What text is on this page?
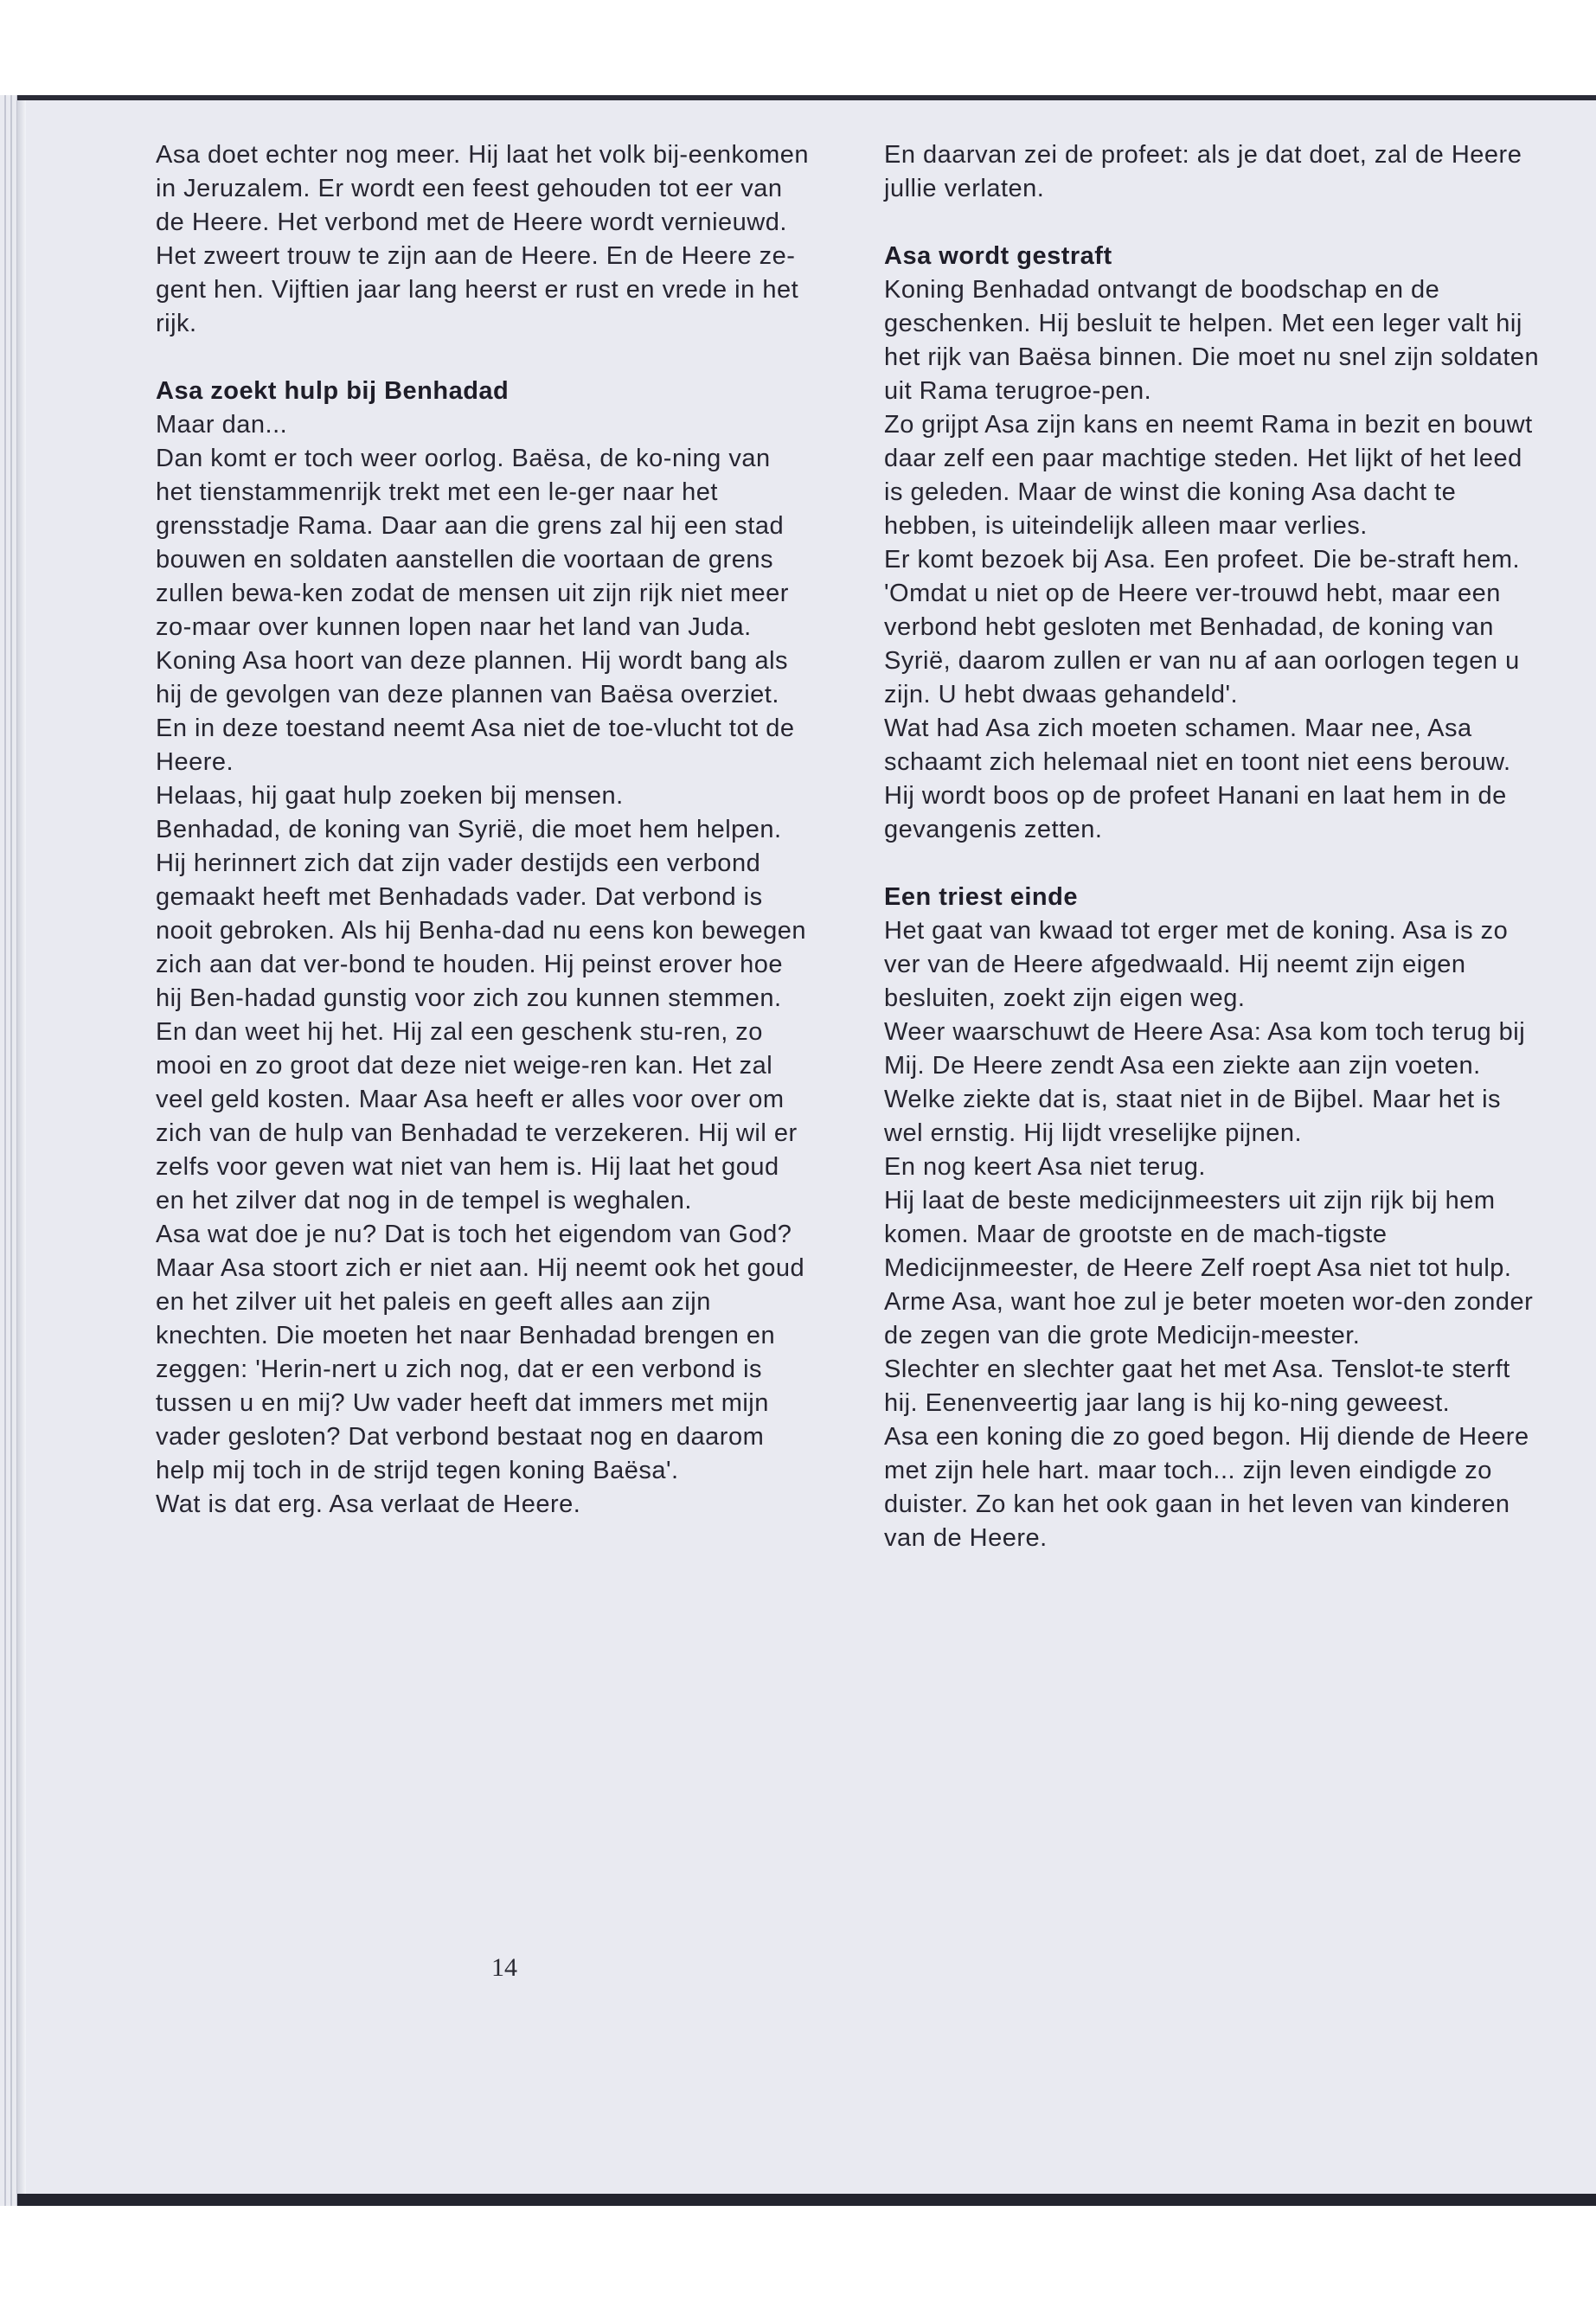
Asa doet echter nog meer. Hij laat het volk bij-eenkomen in Jeruzalem. Er wordt een feest gehouden tot eer van de Heere. Het verbond met de Heere wordt vernieuwd. Het zweert trouw te zijn aan de Heere. En de Heere ze-gent hen. Vijftien jaar lang heerst er rust en vrede in het rijk.

Asa zoekt hulp bij Benhadad

Maar dan...

Dan komt er toch weer oorlog. Baësa, de ko-ning van het tienstammenrijk trekt met een le-ger naar het grensstadje Rama. Daar aan die grens zal hij een stad bouwen en soldaten aanstellen die voortaan de grens zullen bewa-ken zodat de mensen uit zijn rijk niet meer zo-maar over kunnen lopen naar het land van Juda.

Koning Asa hoort van deze plannen. Hij wordt bang als hij de gevolgen van deze plannen van Baësa overziet.

En in deze toestand neemt Asa niet de toe-vlucht tot de Heere.

Helaas, hij gaat hulp zoeken bij mensen.

Benhadad, de koning van Syrië, die moet hem helpen.

Hij herinnert zich dat zijn vader destijds een verbond gemaakt heeft met Benhadads vader. Dat verbond is nooit gebroken. Als hij Benha-dad nu eens kon bewegen zich aan dat ver-bond te houden. Hij peinst erover hoe hij Ben-hadad gunstig voor zich zou kunnen stemmen. En dan weet hij het. Hij zal een geschenk stu-ren, zo mooi en zo groot dat deze niet weige-ren kan. Het zal veel geld kosten. Maar Asa heeft er alles voor over om zich van de hulp van Benhadad te verzekeren. Hij wil er zelfs voor geven wat niet van hem is. Hij laat het goud en het zilver dat nog in de tempel is weghalen.

Asa wat doe je nu? Dat is toch het eigendom van God? Maar Asa stoort zich er niet aan. Hij neemt ook het goud en het zilver uit het paleis en geeft alles aan zijn knechten. Die moeten het naar Benhadad brengen en zeggen: 'Herin-nert u zich nog, dat er een verbond is tussen u en mij? Uw vader heeft dat immers met mijn vader gesloten? Dat verbond bestaat nog en daarom help mij toch in de strijd tegen koning Baësa'.

Wat is dat erg. Asa verlaat de Heere.

En daarvan zei de profeet: als je dat doet, zal de Heere jullie verlaten.

Asa wordt gestraft

Koning Benhadad ontvangt de boodschap en de geschenken. Hij besluit te helpen. Met een leger valt hij het rijk van Baësa binnen. Die moet nu snel zijn soldaten uit Rama terugroe-pen.

Zo grijpt Asa zijn kans en neemt Rama in bezit en bouwt daar zelf een paar machtige steden. Het lijkt of het leed is geleden. Maar de winst die koning Asa dacht te hebben, is uiteindelijk alleen maar verlies.

Er komt bezoek bij Asa. Een profeet. Die be-straft hem. 'Omdat u niet op de Heere ver-trouwd hebt, maar een verbond hebt gesloten met Benhadad, de koning van Syrië, daarom zullen er van nu af aan oorlogen tegen u zijn. U hebt dwaas gehandeld'.

Wat had Asa zich moeten schamen. Maar nee, Asa schaamt zich helemaal niet en toont niet eens berouw. Hij wordt boos op de profeet Hanani en laat hem in de gevangenis zetten.

Een triest einde

Het gaat van kwaad tot erger met de koning. Asa is zo ver van de Heere afgedwaald. Hij neemt zijn eigen besluiten, zoekt zijn eigen weg.

Weer waarschuwt de Heere Asa: Asa kom toch terug bij Mij. De Heere zendt Asa een ziekte aan zijn voeten. Welke ziekte dat is, staat niet in de Bijbel. Maar het is wel ernstig. Hij lijdt vreselijke pijnen.

En nog keert Asa niet terug.

Hij laat de beste medicijnmeesters uit zijn rijk bij hem komen. Maar de grootste en de mach-tigste Medicijnmeester, de Heere Zelf roept Asa niet tot hulp.

Arme Asa, want hoe zul je beter moeten wor-den zonder de zegen van die grote Medicijn-meester.

Slechter en slechter gaat het met Asa. Tenslot-te sterft hij. Eenenveertig jaar lang is hij ko-ning geweest.

Asa een koning die zo goed begon. Hij diende de Heere met zijn hele hart. maar toch... zijn leven eindigde zo duister. Zo kan het ook gaan in het leven van kinderen van de Heere.

14
